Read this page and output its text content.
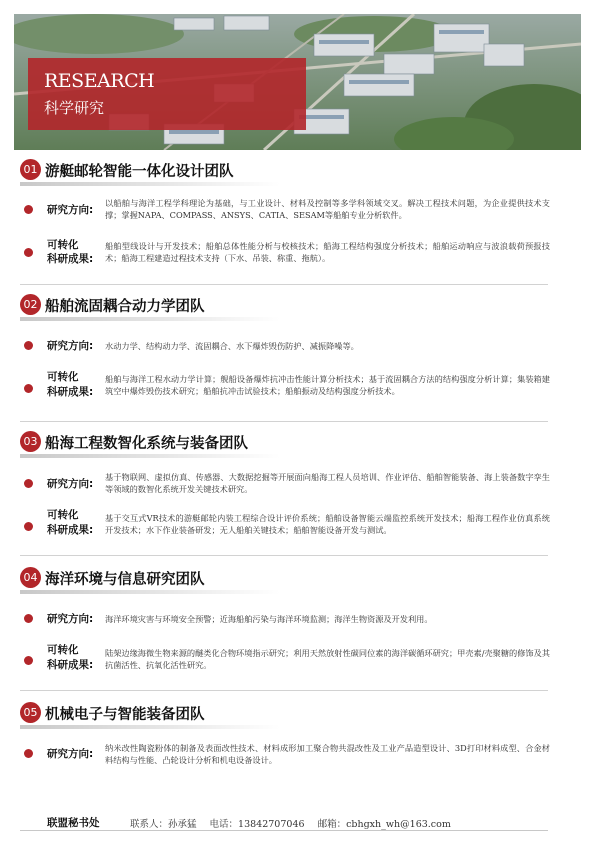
RESEARCH
科学研究
01 游艇邮轮智能一体化设计团队
研究方向:
以船舶与海洋工程学科理论为基础，与工业设计、材料及控制等多学科领域交叉。解决工程技术问题，为企业提供技术支撑；掌握NAPA、COMPASS、ANSYS、CATIA、SESAM等船舶专业分析软件。
可转化
科研成果:
船舶型线设计与开发技术；船舶总体性能分析与校核技术；船海工程结构强度分析技术；船舶运动响应与波浪载荷预报技术；船海工程建造过程技术支持（下水、吊装、称重、拖航）。
02 船舶流固耦合动力学团队
研究方向:	水动力学、结构动力学、流固耦合、水下爆炸毁伤防护、减振降噪等。
可转化
科研成果:
船舶与海洋工程水动力学计算；舰船设备爆炸抗冲击性能计算分析技术；基于流固耦合方法的结构强度分析计算；集装箱建筑空中爆炸毁伤技术研究；船舶抗冲击试验技术；船舶振动及结构强度分析技术。
03 船海工程数智化系统与装备团队
研究方向:
基于物联网、虚拟仿真、传感器、大数据挖掘等开展面向船海工程人员培训、作业评估、船舶智能装备、海上装备数字孪生等领域的数智化系统开发关键技术研究。
可转化
科研成果:
基于交互式VR技术的游艇邮轮内装工程综合设计评价系统；船舶设备智能云端监控系统开发技术；船海工程作业仿真系统开发技术；水下作业装备研发；无人船舶关键技术；船舶智能设备开发与测试。
04 海洋环境与信息研究团队
研究方向:	海洋环境灾害与环境安全预警；近海船舶污染与海洋环境监测；海洋生物资源及开发利用。
可转化
科研成果:
陆架边缘海微生物来源的醚类化合物环境指示研究；利用天然放射性碳同位素的海洋碳循环研究；甲壳素/壳聚糖的修饰及其抗菌活性、抗氧化活性研究。
05 机械电子与智能装备团队
研究方向:	纳米改性陶瓷粉体的制备及表面改性技术、材料成形加工聚合物共混改性及工业产品造型设计、3D打印材料成型、合金材料结构与性能、凸轮设计分析和机电设备设计。
联盟秘书处	联系人：孙承猛 电话：13842707046 邮箱：cbhgxh_wh@163.com
